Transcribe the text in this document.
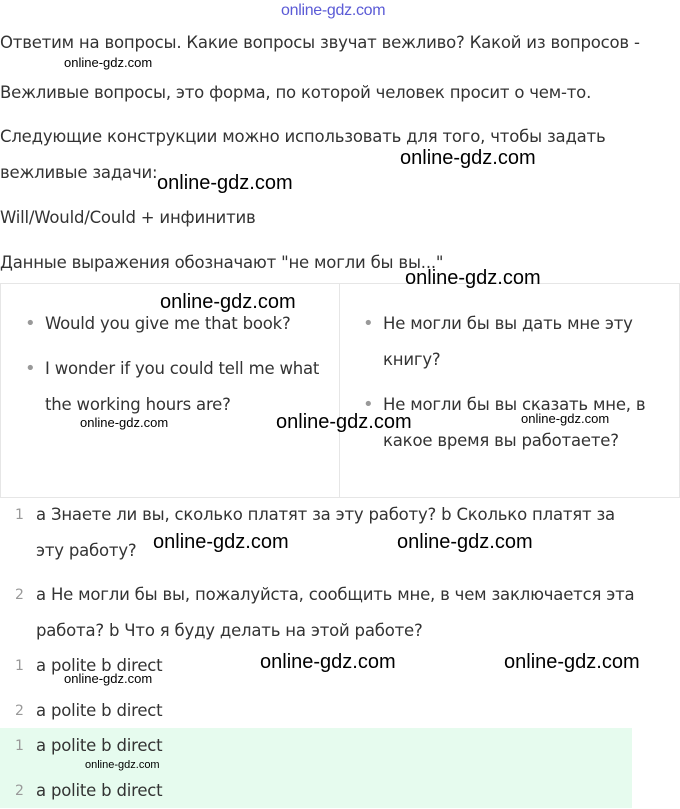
online-gdz.com

Ответим на вопросы. Какие вопросы звучат вежливо? Какой из вопросов -

Вежливые вопросы, это форма, по которой человек просит о чем-то.

Следующие конструкции можно использовать для того, чтобы задать

вежливые задачи:

Will/Would/Could + инфинитив

Данные выражения обозначают "не могли бы вы..."

• Would you give me that book?
• I wonder if you could tell me what the working hours are?
• Не могли бы вы дать мне эту книгу?
• Не могли бы вы сказать мне, в какое время вы работаете?
1 a Знаете ли вы, сколько платят за эту работу? b Сколько платят за эту работу?
2 a Не могли бы вы, пожалуйста, сообщить мне, в чем заключается эта работа? b Что я буду делать на этой работе?
1 a polite b direct
2 a polite b direct
1 a polite b direct
2 a polite b direct
online-gdz.com
online-gdz.com
online-gdz.com
online-gdz.com
online-gdz.com
online-gdz.com	online-gdz.com	online-gdz.com
online-gdz.com	online-gdz.com
online-gdz.com	online-gdz.com
online-gdz.com
online-gdz.com
